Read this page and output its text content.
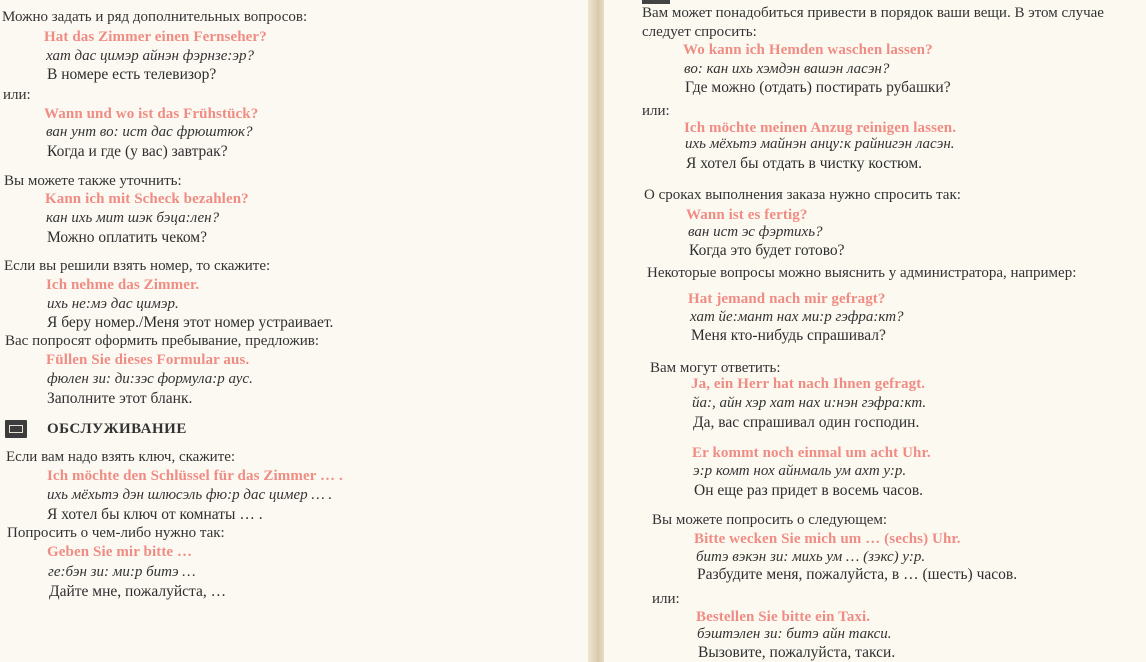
Можно задать и ряд дополнительных вопросов:
Hat das Zimmer einen Fernseher?
хат дас цимэр айнэн фэрнзе:эр?
В номере есть телевизор?
или:
Wann und wo ist das Frühstück?
ван унт во: ист дас фрюштюк?
Когда и где (у вас) завтрак?
Вы можете также уточнить:
Kann ich mit Scheck bezahlen?
кан ихь мит шэк бэца:лен?
Можно оплатить чеком?
Если вы решили взять номер, то скажите:
Ich nehme das Zimmer.
ихь не:мэ дас цимэр.
Я беру номер./Меня этот номер устраивает.
Вас попросят оформить пребывание, предложив:
Füllen Sie dieses Formular aus.
фюлен зи: ди:зэс формула:р аус.
Заполните этот бланк.
ОБСЛУЖИВАНИЕ
Если вам надо взять ключ, скажите:
Ich möchte den Schlüssel für das Zimmer … .
ихь мёхьтэ дэн шлюсэль фю:р дас цимер … .
Я хотел бы ключ от комнаты … .
Попросить о чем-либо нужно так:
Geben Sie mir bitte …
ге:бэн зи: ми:р битэ …
Дайте мне, пожалуйста, …
Вам может понадобиться привести в порядок ваши вещи. В этом случае
следует спросить:
Wo kann ich Hemden waschen lassen?
во: кан ихь хэмдэн вашэн ласэн?
Где можно (отдать) постирать рубашки?
или:
Ich möchte meinen Anzug reinigen lassen.
ихь мёхьтэ майнэн анцу:к райнигэн ласэн.
Я хотел бы отдать в чистку костюм.
О сроках выполнения заказа нужно спросить так:
Wann ist es fertig?
ван ист эс фэртихь?
Когда это будет готово?
Некоторые вопросы можно выяснить у администратора, например:
Hat jemand nach mir gefragt?
хат йе:мант нах ми:р гэфра:кт?
Меня кто-нибудь спрашивал?
Вам могут ответить:
Ja, ein Herr hat nach Ihnen gefragt.
йа:, айн хэр хат нах и:нэн гэфра:кт.
Да, вас спрашивал один господин.
Er kommt noch einmal um acht Uhr.
э:р комт нох айнмаль ум ахт у:р.
Он еще раз придет в восемь часов.
Вы можете попросить о следующем:
Bitte wecken Sie mich um … (sechs) Uhr.
битэ вэкэн зи: михь ум … (зэкс) у:р.
Разбудите меня, пожалуйста, в … (шесть) часов.
или:
Bestellen Sie bitte ein Taxi.
бэштэлен зи: битэ айн такси.
Вызовите, пожалуйста, такси.
